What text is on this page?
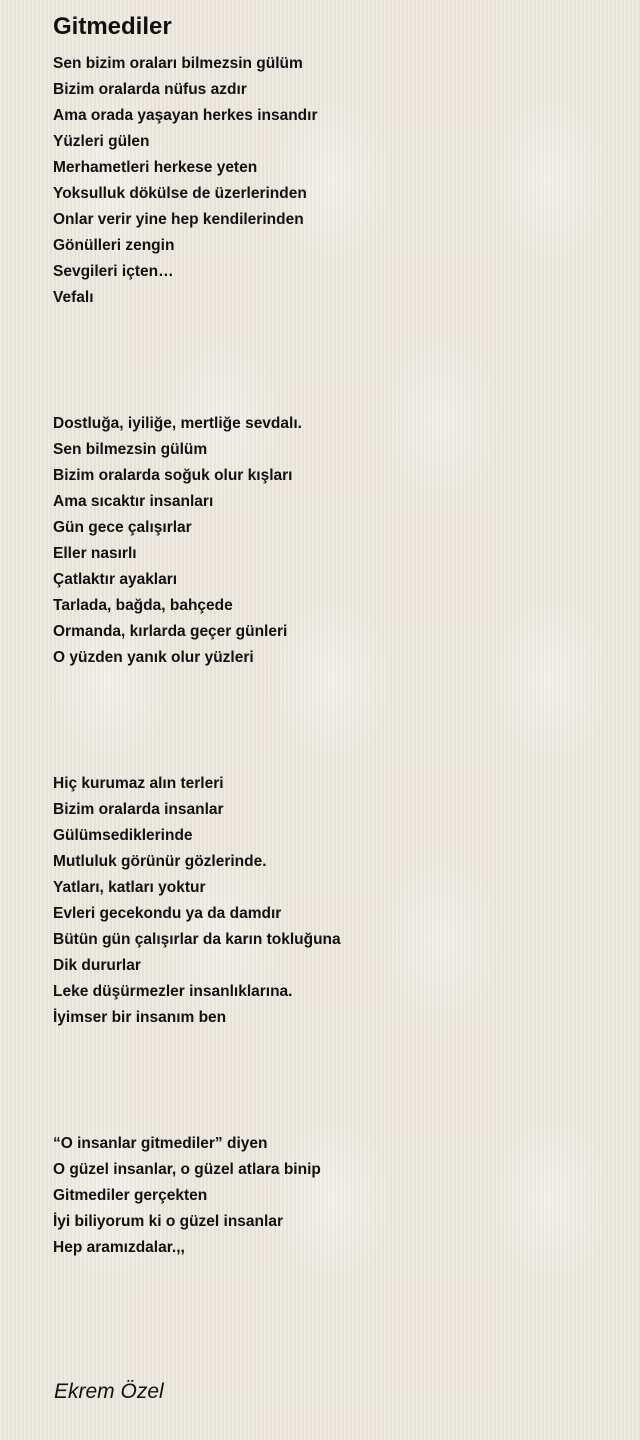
Gitmediler
Sen bizim oraları bilmezsin gülüm
Bizim oralarda nüfus azdır
Ama orada yaşayan herkes insandır
Yüzleri gülen
Merhametleri herkese yeten
Yoksulluk dökülse de üzerlerinden
Onlar verir yine hep kendilerinden
Gönülleri zengin
Sevgileri içten…
Vefalı
Dostluğa, iyiliğe, mertliğe sevdalı.
Sen bilmezsin gülüm
Bizim oralarda soğuk olur kışları
Ama sıcaktır insanları
Gün gece çalışırlar
Eller nasırlı
Çatlaktır ayakları
Tarlada, bağda, bahçede
Ormanda, kırlarda geçer günleri
O yüzden yanık olur yüzleri
Hiç kurumaz alın terleri
Bizim oralarda insanlar
Gülümsediklerinde
Mutluluk görünür gözlerinde.
Yatları, katları yoktur
Evleri gecekondu ya da damdır
Bütün gün çalışırlar da karın tokluğuna
Dik dururlar
Leke düşürmezler insanlıklarına.
İyimser bir insanım ben
“O insanlar gitmediler” diyen
O güzel insanlar, o güzel atlara binip
Gitmediler gerçekten
İyi biliyorum ki o güzel insanlar
Hep aramızdalar.,,

Ekrem Özel
